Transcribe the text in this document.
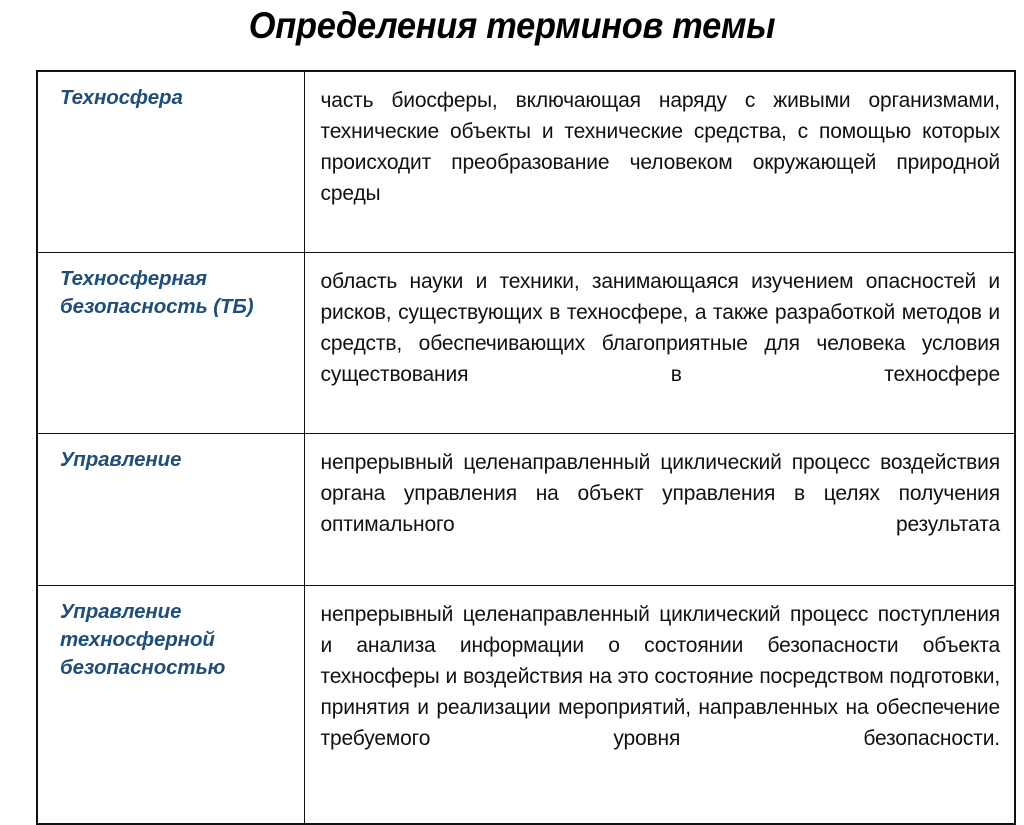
Определения терминов темы
Техносфера	часть биосферы, включающая наряду с живыми организмами, технические объекты и технические средства, с помощью которых происходит преобразование человеком окружающей природной среды

Техносферная безопасность (ТБ)	область науки и техники, занимающаяся изучением опасностей и рисков, существующих в техносфере, а также разработкой методов и средств, обеспечивающих благоприятные для человека условия существования в техносфере

Управление	непрерывный целенаправленный циклический процесс воздействия органа управления на объект управления в целях получения оптимального результата

Управление техносферной безопасностью	непрерывный целенаправленный циклический процесс поступления и анализа информации о состоянии безопасности объекта техносферы и воздействия на это состояние посредством подготовки, принятия и реализации мероприятий, направленных на обеспечение требуемого уровня безопасности.
